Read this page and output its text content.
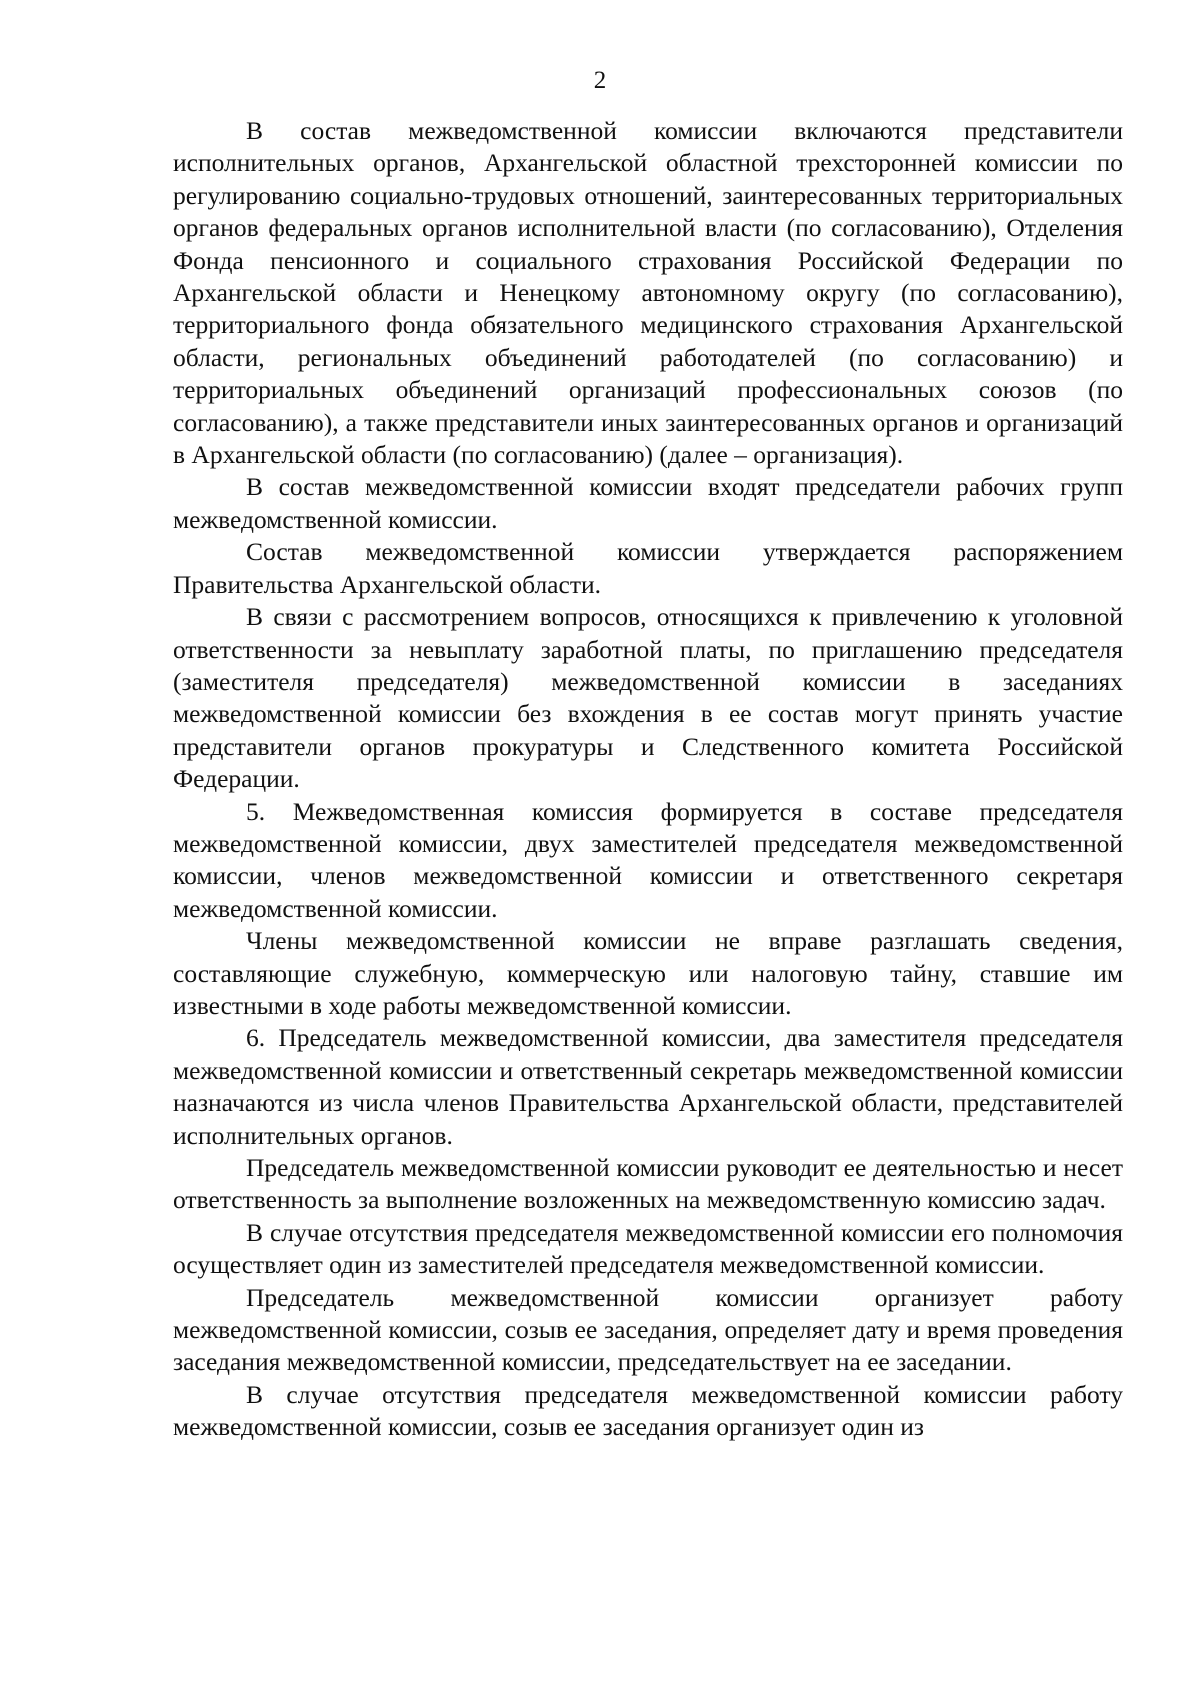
2

В состав межведомственной комиссии включаются представители исполнительных органов, Архангельской областной трехсторонней комиссии по регулированию социально-трудовых отношений, заинтересованных территориальных органов федеральных органов исполнительной власти (по согласованию), Отделения Фонда пенсионного и социального страхования Российской Федерации по Архангельской области и Ненецкому автономному округу (по согласованию), территориального фонда обязательного медицинского страхования Архангельской области, региональных объединений работодателей (по согласованию) и территориальных объединений организаций профессиональных союзов (по согласованию), а также представители иных заинтересованных органов и организаций в Архангельской области (по согласованию) (далее – организация).

В состав межведомственной комиссии входят председатели рабочих групп межведомственной комиссии.

Состав межведомственной комиссии утверждается распоряжением Правительства Архангельской области.

В связи с рассмотрением вопросов, относящихся к привлечению к уголовной ответственности за невыплату заработной платы, по приглашению председателя (заместителя председателя) межведомственной комиссии в заседаниях межведомственной комиссии без вхождения в ее состав могут принять участие представители органов прокуратуры и Следственного комитета Российской Федерации.

5. Межведомственная комиссия формируется в составе председателя межведомственной комиссии, двух заместителей председателя межведомственной комиссии, членов межведомственной комиссии и ответственного секретаря межведомственной комиссии.

Члены межведомственной комиссии не вправе разглашать сведения, составляющие служебную, коммерческую или налоговую тайну, ставшие им известными в ходе работы межведомственной комиссии.

6. Председатель межведомственной комиссии, два заместителя председателя межведомственной комиссии и ответственный секретарь межведомственной комиссии назначаются из числа членов Правительства Архангельской области, представителей исполнительных органов.

Председатель межведомственной комиссии руководит ее деятельностью и несет ответственность за выполнение возложенных на межведомственную комиссию задач.

В случае отсутствия председателя межведомственной комиссии его полномочия осуществляет один из заместителей председателя межведомственной комиссии.

Председатель межведомственной комиссии организует работу межведомственной комиссии, созыв ее заседания, определяет дату и время проведения заседания межведомственной комиссии, председательствует на ее заседании.

В случае отсутствия председателя межведомственной комиссии работу межведомственной комиссии, созыв ее заседания организует один из
